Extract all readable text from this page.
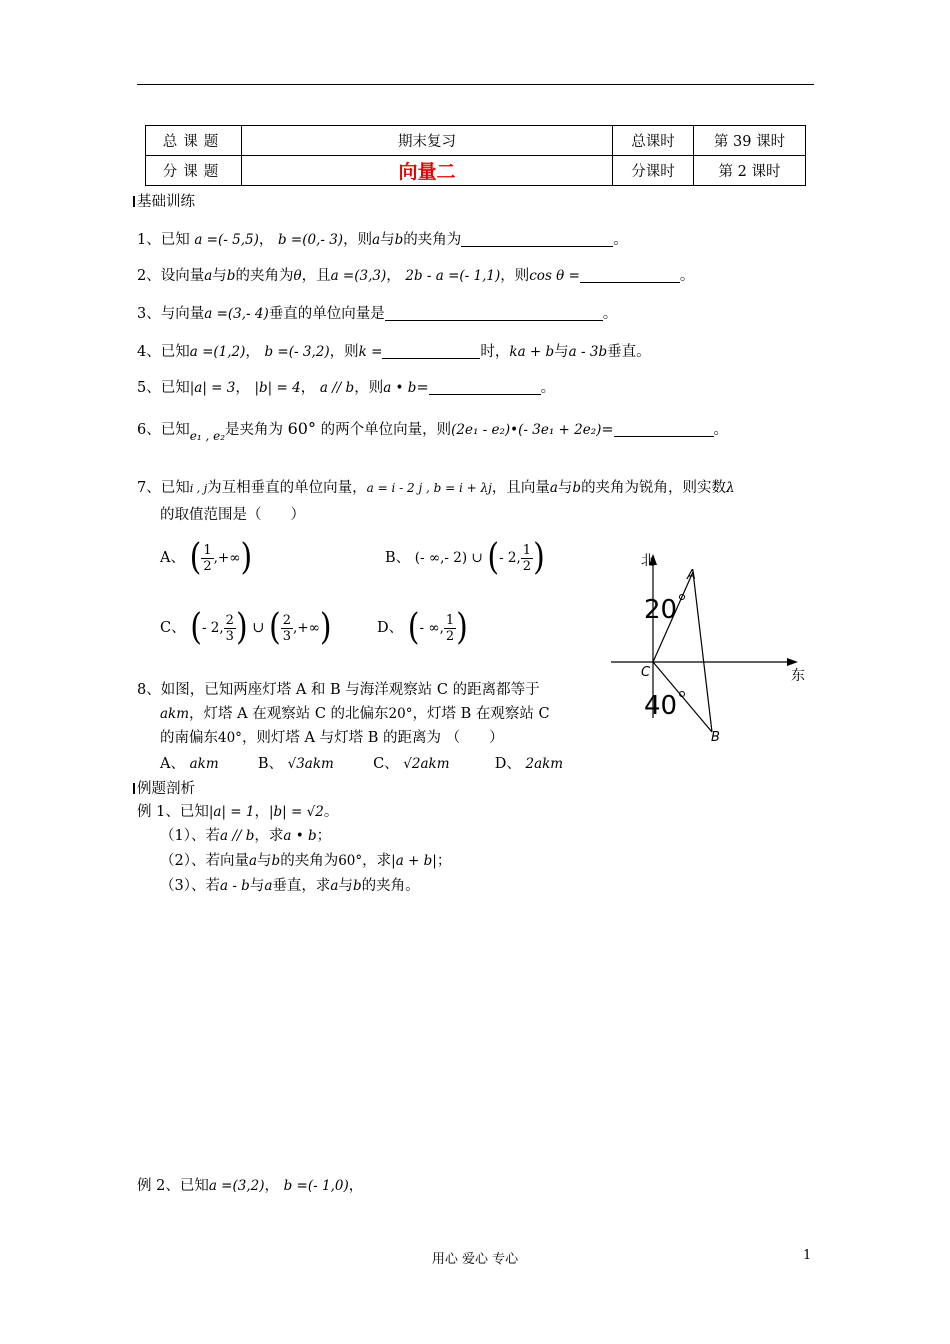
总课题	期末复习	总课时	第 39 课时
分课题	向量二	分课时	第 2 课时
基础训练
1、已知 a =(- 5,5)， b =(0,- 3)，则a与b的夹角为	。
2、设向量a与b的夹角为θ，且a =(3,3)， 2b - a =(- 1,1)，则cos θ =	。
3、与向量a =(3,- 4)垂直的单位向量是	。
4、已知a =(1,2)， b =(- 3,2)，则k =	时，ka + b与a - 3b垂直。
5、已知|a| = 3， |b| = 4， a // b，则a • b=	。
6、已知$_{e_1 , e_2}$是夹角为 60° 的两个单位向量，则(2e₁ - e₂)•(- 3e₁ + 2e₂)=	。
7、已知i , j为互相垂直的单位向量，a = i - 2 j , b = i + λj，且向量a与b的夹角为锐角，则实数λ
的取值范围是（　　）
A、 ( $\frac{1}{2}$ ,+∞)	B、 (- ∞,- 2) ∪ (- 2, $\frac{1}{2}$ )
C、 (- 2, $\frac{2}{3}$ ) ∪ ( $\frac{2}{3}$ ,+∞)	D、 (- ∞, $\frac{1}{2}$ )
8、如图，已知两座灯塔 A 和 B 与海洋观察站 C 的距离都等于
akm，灯塔 A 在观察站 C 的北偏东20°，灯塔 B 在观察站 C
的南偏东40°，则灯塔 A 与灯塔 B 的距离为 （　　）
A、 akm	B、 √3akm	C、 √2akm	D、 2akm
北
东
A
B
C
20
40
例题剖析
例 1、已知|a| = 1，|b| = √2。
（1）、若a // b，求a • b；
（2）、若向量a与b的夹角为60°，求|a + b|；
（3）、若a - b与a垂直，求a与b的夹角。
例 2、已知a =(3,2)， b =(- 1,0)，
用心 爱心 专心	1
